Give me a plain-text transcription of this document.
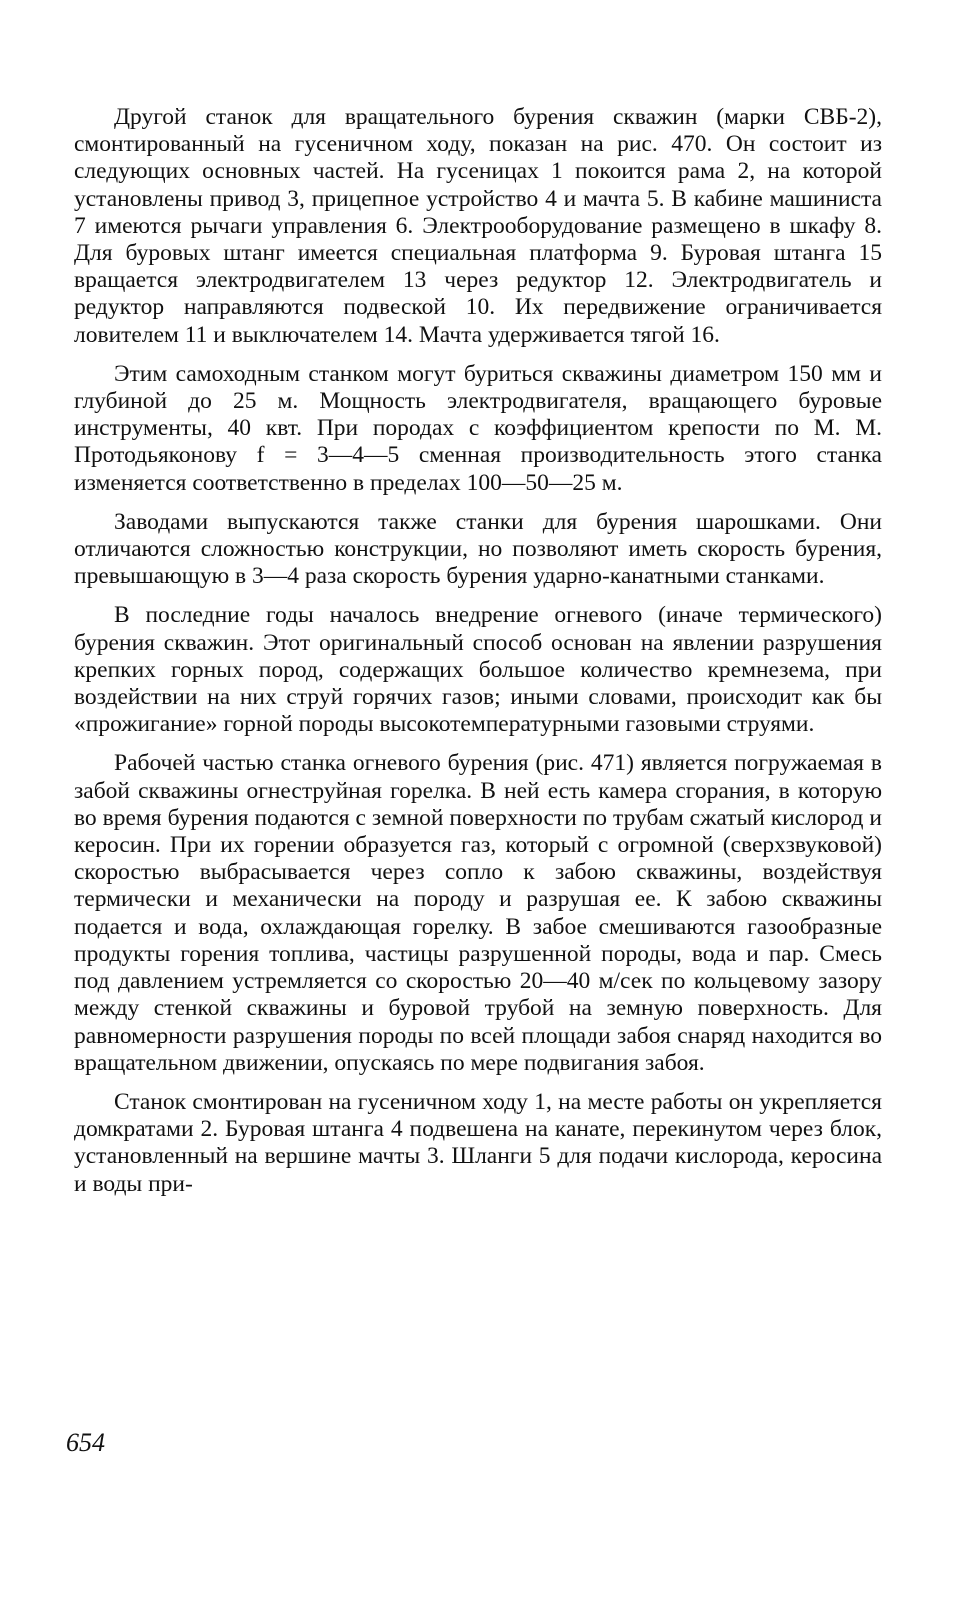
Другой станок для вращательного бурения скважин (марки СВБ-2), смонтированный на гусеничном ходу, показан на рис. 470. Он состоит из следующих основных частей. На гусеницах 1 покоится рама 2, на которой установлены привод 3, прицепное устройство 4 и мачта 5. В кабине машиниста 7 имеются рычаги управления 6. Электрооборудование размещено в шкафу 8. Для буровых штанг имеется специальная платформа 9. Буровая штанга 15 вращается электродвигателем 13 через редуктор 12. Электродвигатель и редуктор направляются подвеской 10. Их передвижение ограничивается ловителем 11 и выключателем 14. Мачта удерживается тягой 16.

Этим самоходным станком могут буриться скважины диаметром 150 мм и глубиной до 25 м. Мощность электродвигателя, вращающего буровые инструменты, 40 квт. При породах с коэффициентом крепости по М. М. Протодьяконову f = 3—4—5 сменная производительность этого станка изменяется соответственно в пределах 100—50—25 м.

Заводами выпускаются также станки для бурения шарошками. Они отличаются сложностью конструкции, но позволяют иметь скорость бурения, превышающую в 3—4 раза скорость бурения ударно-канатными станками.

В последние годы началось внедрение огневого (иначе термического) бурения скважин. Этот оригинальный способ основан на явлении разрушения крепких горных пород, содержащих большое количество кремнезема, при воздействии на них струй горячих газов; иными словами, происходит как бы «прожигание» горной породы высокотемпературными газовыми струями.

Рабочей частью станка огневого бурения (рис. 471) является погружаемая в забой скважины огнеструйная горелка. В ней есть камера сгорания, в которую во время бурения подаются с земной поверхности по трубам сжатый кислород и керосин. При их горении образуется газ, который с огромной (сверхзвуковой) скоростью выбрасывается через сопло к забою скважины, воздействуя термически и механически на породу и разрушая ее. К забою скважины подается и вода, охлаждающая горелку. В забое смешиваются газообразные продукты горения топлива, частицы разрушенной породы, вода и пар. Смесь под давлением устремляется со скоростью 20—40 м/сек по кольцевому зазору между стенкой скважины и буровой трубой на земную поверхность. Для равномерности разрушения породы по всей площади забоя снаряд находится во вращательном движении, опускаясь по мере подвигания забоя.

Станок смонтирован на гусеничном ходу 1, на месте работы он укрепляется домкратами 2. Буровая штанга 4 подвешена на канате, перекинутом через блок, установленный на вершине мачты 3. Шланги 5 для подачи кислорода, керосина и воды при-

654
